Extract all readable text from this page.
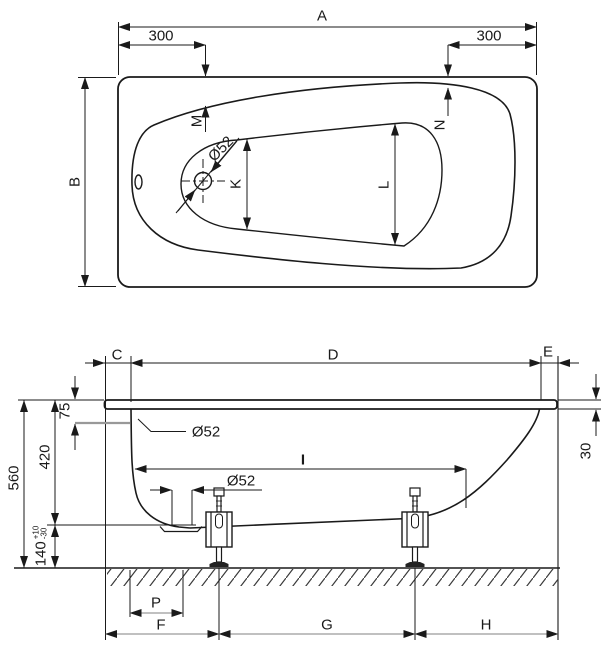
A
300	300
B
M	N
K	L
Ø52
C	D	E
I
75
420
560
140
+10 -30
30
Ø52
Ø52
P
F	G	H
